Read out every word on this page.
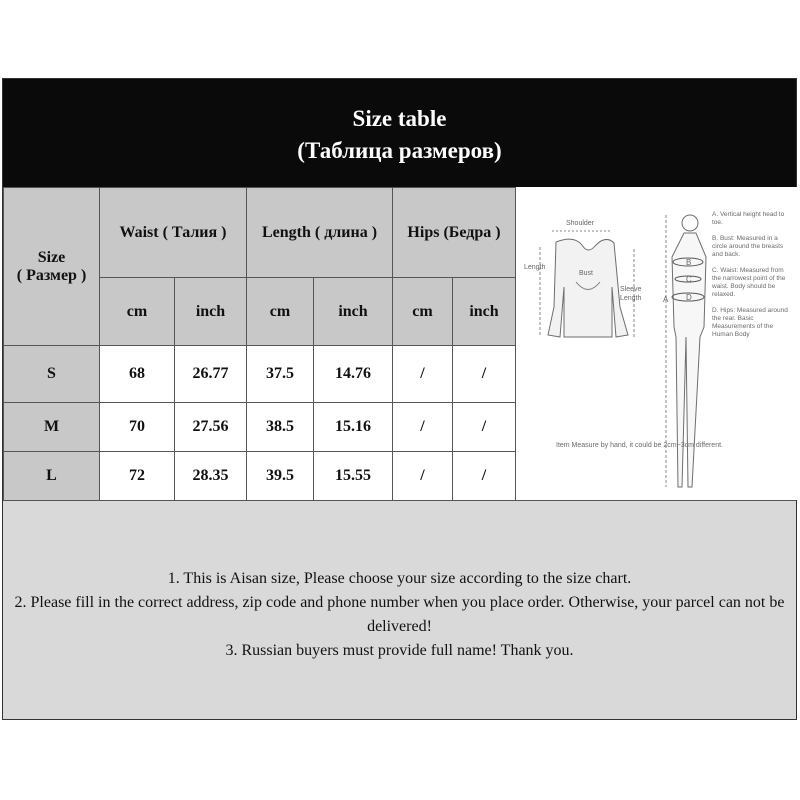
Size table
(Таблица размеров)
Size
( Размер )	Waist ( Талия )		Length ( длина )		Hips (Бедра )	
	cm	inch	cm	inch	cm	inch
S	68	26.77	37.5	14.76	/	/
M	70	27.56	38.5	15.16	/	/
L	72	28.35	39.5	15.55	/	/
Shoulder
Length
Bust
Sleeve
Length	A
B
C
D
A. Vertical height head to toe.
B. Bust: Measured in a circle around the breasts and back.
C. Waist: Measured from the narrowest point of the waist. Body should be relaxed.
D. Hips: Measured around the rear. Basic Measurements of the Human Body
Item Measure by hand, it could be 2cm~3cm different.

1. This is Aisan size, Please choose your size according to the size chart.

2. Please fill in the correct address, zip code and phone number when you place order. Otherwise, your parcel can not be delivered!

3. Russian buyers must provide full name! Thank you.
